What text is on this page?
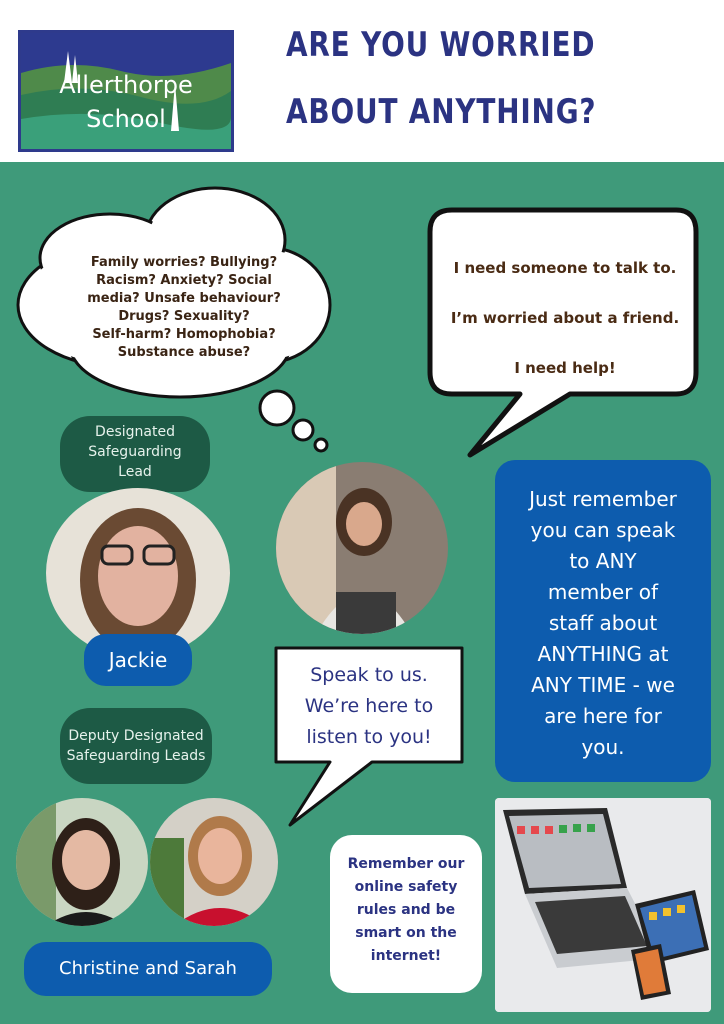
Allerthorpe
School
ARE YOU WORRIED
ABOUT ANYTHING?
Family worries? Bullying?
Racism? Anxiety? Social
media? Unsafe behaviour?
Drugs? Sexuality?
Self-harm? Homophobia?
Substance abuse?
I need someone to talk to.
I’m worried about a friend.
I need help!
Designated
Safeguarding
Lead
Jackie
Speak to us.
We’re here to
listen to you!
Just remember
you can speak
to ANY
member of
staff about
ANYTHING at
ANY TIME - we
are here for
you.
Deputy Designated
Safeguarding Leads
Christine and Sarah
Remember our
online safety
rules and be
smart on the
internet!
